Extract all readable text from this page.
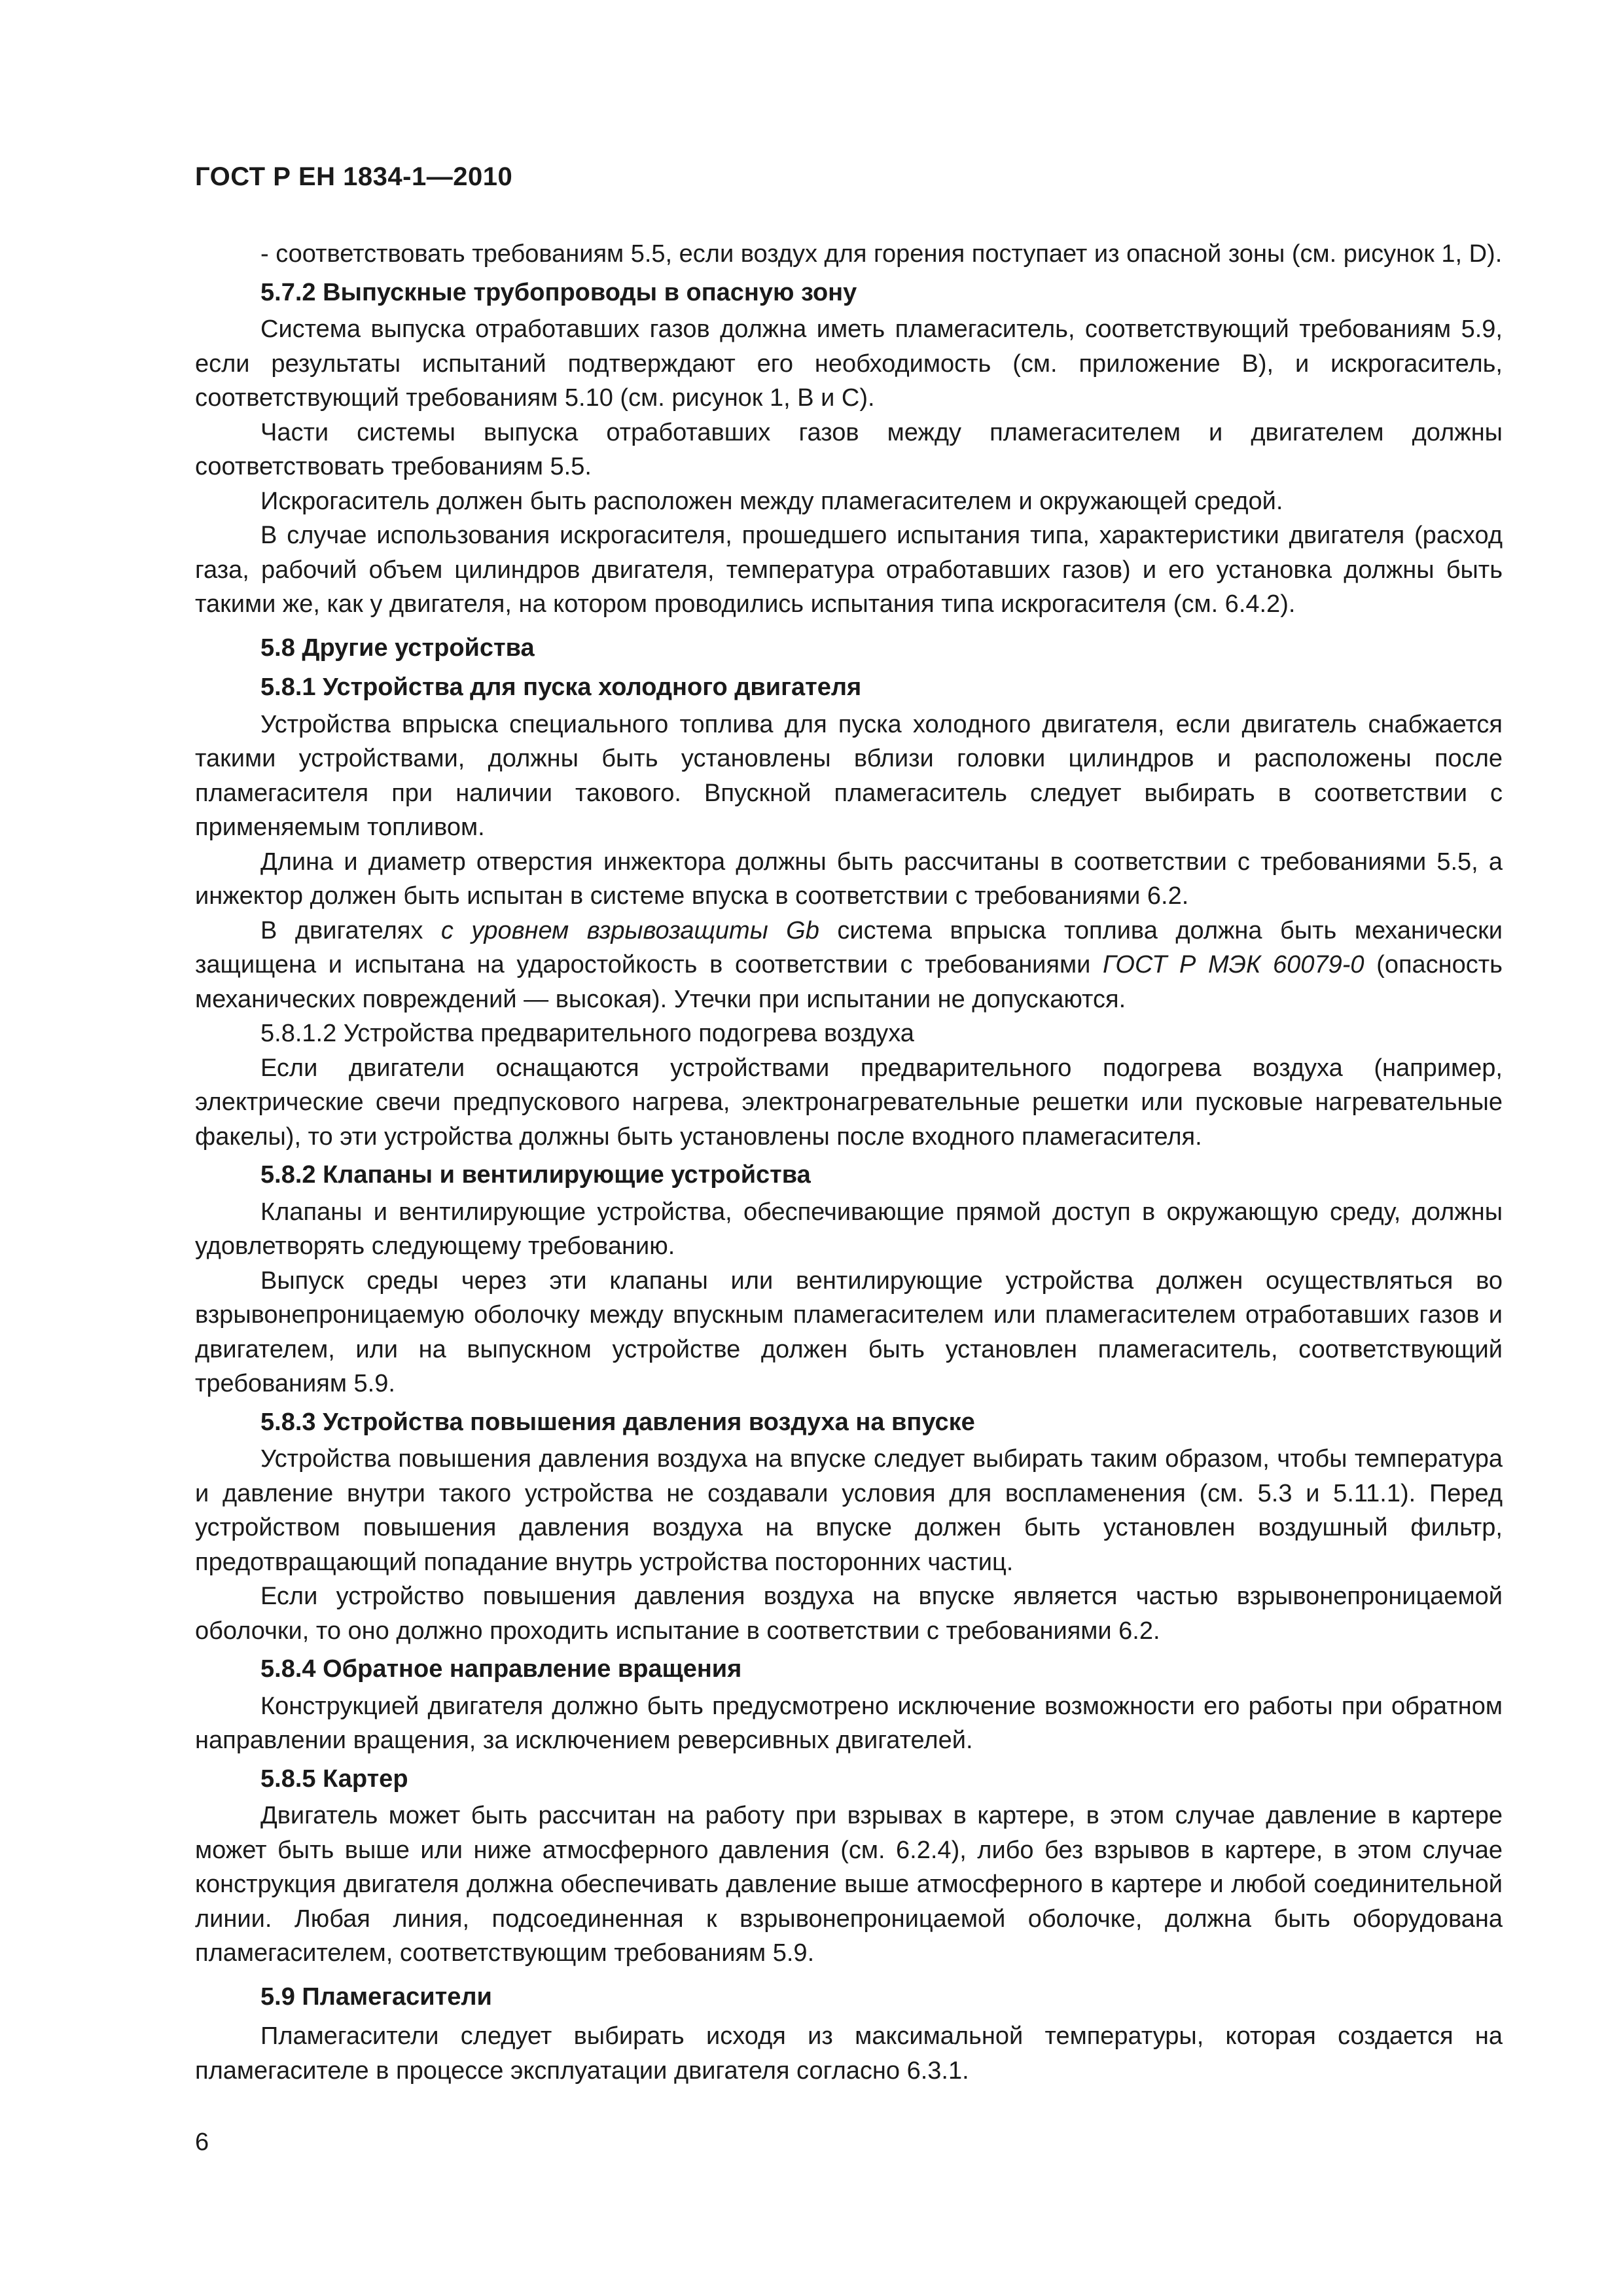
ГОСТ Р ЕН 1834-1—2010

- соответствовать требованиям 5.5, если воздух для горения поступает из опасной зоны (см. рисунок 1, D).

5.7.2 Выпускные трубопроводы в опасную зону

Система выпуска отработавших газов должна иметь пламегаситель, соответствующий требованиям 5.9, если результаты испытаний подтверждают его необходимость (см. приложение В), и искрогаситель, соответствующий требованиям 5.10 (см. рисунок 1, В и С).

Части системы выпуска отработавших газов между пламегасителем и двигателем должны соответствовать требованиям 5.5.

Искрогаситель должен быть расположен между пламегасителем и окружающей средой.

В случае использования искрогасителя, прошедшего испытания типа, характеристики двигателя (расход газа, рабочий объем цилиндров двигателя, температура отработавших газов) и его установка должны быть такими же, как у двигателя, на котором проводились испытания типа искрогасителя (см. 6.4.2).

5.8 Другие устройства

5.8.1 Устройства для пуска холодного двигателя

Устройства впрыска специального топлива для пуска холодного двигателя, если двигатель снабжается такими устройствами, должны быть установлены вблизи головки цилиндров и расположены после пламегасителя при наличии такового. Впускной пламегаситель следует выбирать в соответствии с применяемым топливом.

Длина и диаметр отверстия инжектора должны быть рассчитаны в соответствии с требованиями 5.5, а инжектор должен быть испытан в системе впуска в соответствии с требованиями 6.2.

В двигателях с уровнем взрывозащиты Gb система впрыска топлива должна быть механически защищена и испытана на ударостойкость в соответствии с требованиями ГОСТ Р МЭК 60079-0 (опасность механических повреждений — высокая). Утечки при испытании не допускаются.

5.8.1.2 Устройства предварительного подогрева воздуха

Если двигатели оснащаются устройствами предварительного подогрева воздуха (например, электрические свечи предпускового нагрева, электронагревательные решетки или пусковые нагревательные факелы), то эти устройства должны быть установлены после входного пламегасителя.

5.8.2 Клапаны и вентилирующие устройства

Клапаны и вентилирующие устройства, обеспечивающие прямой доступ в окружающую среду, должны удовлетворять следующему требованию.

Выпуск среды через эти клапаны или вентилирующие устройства должен осуществляться во взрывонепроницаемую оболочку между впускным пламегасителем или пламегасителем отработавших газов и двигателем, или на выпускном устройстве должен быть установлен пламегаситель, соответствующий требованиям 5.9.

5.8.3 Устройства повышения давления воздуха на впуске

Устройства повышения давления воздуха на впуске следует выбирать таким образом, чтобы температура и давление внутри такого устройства не создавали условия для воспламенения (см. 5.3 и 5.11.1). Перед устройством повышения давления воздуха на впуске должен быть установлен воздушный фильтр, предотвращающий попадание внутрь устройства посторонних частиц.

Если устройство повышения давления воздуха на впуске является частью взрывонепроницаемой оболочки, то оно должно проходить испытание в соответствии с требованиями 6.2.

5.8.4 Обратное направление вращения

Конструкцией двигателя должно быть предусмотрено исключение возможности его работы при обратном направлении вращения, за исключением реверсивных двигателей.

5.8.5 Картер

Двигатель может быть рассчитан на работу при взрывах в картере, в этом случае давление в картере может быть выше или ниже атмосферного давления (см. 6.2.4), либо без взрывов в картере, в этом случае конструкция двигателя должна обеспечивать давление выше атмосферного в картере и любой соединительной линии. Любая линия, подсоединенная к взрывонепроницаемой оболочке, должна быть оборудована пламегасителем, соответствующим требованиям 5.9.

5.9 Пламегасители

Пламегасители следует выбирать исходя из максимальной температуры, которая создается на пламегасителе в процессе эксплуатации двигателя согласно 6.3.1.

6
